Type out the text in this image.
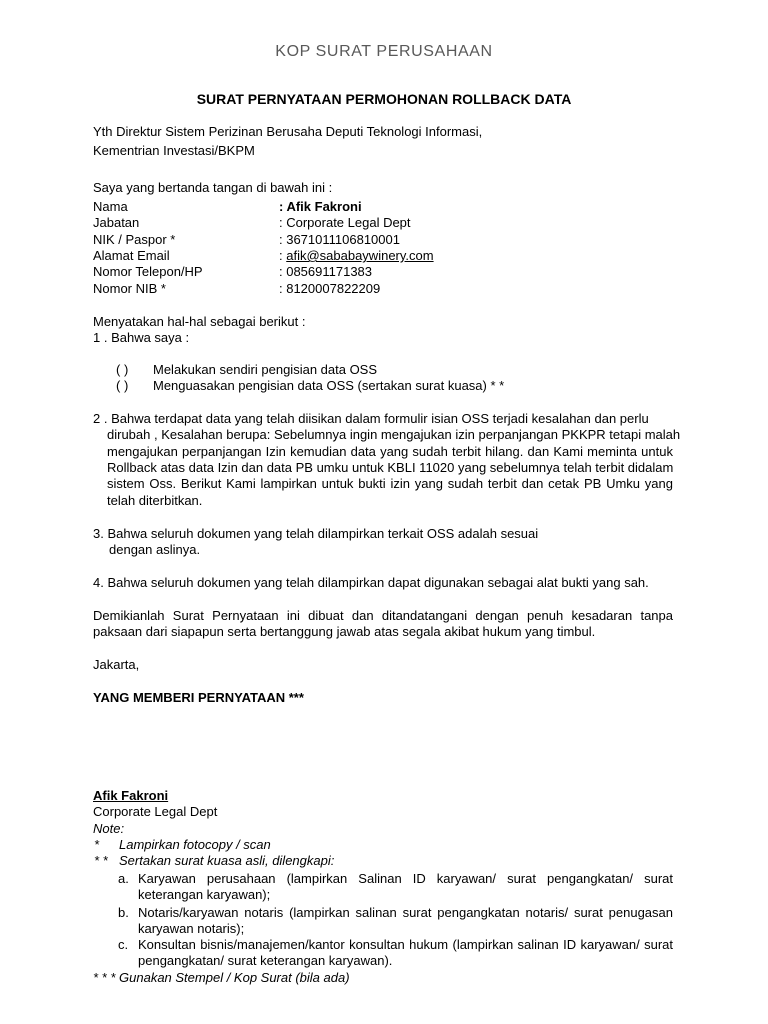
KOP SURAT PERUSAHAAN
SURAT PERNYATAAN PERMOHONAN ROLLBACK DATA
Yth Direktur Sistem Perizinan Berusaha Deputi Teknologi Informasi,
Kementrian Investasi/BKPM
Saya yang bertanda tangan di bawah ini :
Nama	: Afik Fakroni
Jabatan	: Corporate Legal Dept
NIK / Paspor *	: 3671011106810001
Alamat Email	: afik@sababaywinery.com
Nomor Telepon/HP	: 085691171383
Nomor NIB *	: 8120007822209
Menyatakan hal-hal sebagai berikut :
1 . Bahwa saya :
( ) Melakukan sendiri pengisian data OSS
( ) Menguasakan pengisian data OSS (sertakan surat kuasa) * *
2 . Bahwa terdapat data yang telah diisikan dalam formulir isian OSS terjadi kesalahan dan perlu
dirubah , Kesalahan berupa: Sebelumnya ingin mengajukan izin perpanjangan PKKPR tetapi malah
mengajukan perpanjangan Izin kemudian data yang sudah terbit hilang. dan Kami meminta untuk
Rollback atas data Izin dan data PB umku untuk KBLI 11020 yang sebelumnya telah terbit didalam
sistem Oss. Berikut Kami lampirkan untuk bukti izin yang sudah terbit dan cetak PB Umku yang
telah diterbitkan.
3. Bahwa seluruh dokumen yang telah dilampirkan terkait OSS adalah sesuai
dengan aslinya.
4. Bahwa seluruh dokumen yang telah dilampirkan dapat digunakan sebagai alat bukti yang sah.
Demikianlah Surat Pernyataan ini dibuat dan ditandatangani dengan penuh kesadaran tanpa paksaan dari siapapun serta bertanggung jawab atas segala akibat hukum yang timbul.
Jakarta,
YANG MEMBERI PERNYATAAN ***
Afik Fakroni
Corporate Legal Dept
Note:
* Lampirkan fotocopy / scan
* * Sertakan surat kuasa asli, dilengkapi:
a. Karyawan perusahaan (lampirkan Salinan ID karyawan/ surat pengangkatan/ surat keterangan karyawan);
b. Notaris/karyawan notaris (lampirkan salinan surat pengangkatan notaris/ surat penugasan karyawan notaris);
c. Konsultan bisnis/manajemen/kantor konsultan hukum (lampirkan salinan ID karyawan/ surat pengangkatan/ surat keterangan karyawan).
* * * Gunakan Stempel / Kop Surat (bila ada)
